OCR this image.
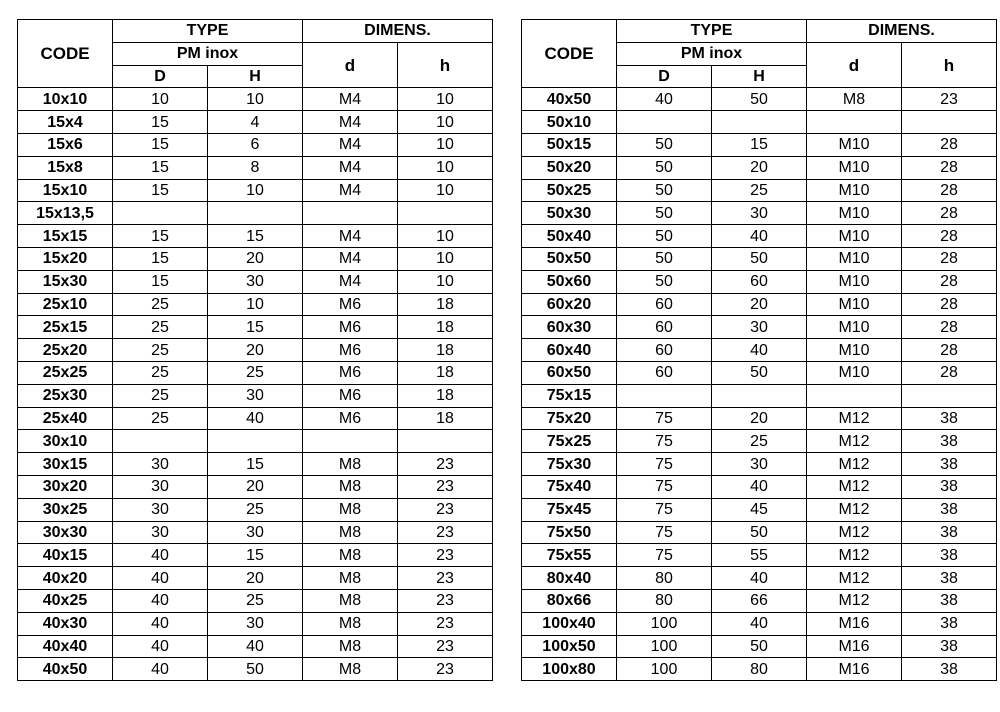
CODE	TYPE		DIMENS.	
	PM inox		d	h
	D	H		
10x10	10	10	M4	10
15x4	15	4	M4	10
15x6	15	6	M4	10
15x8	15	8	M4	10
15x10	15	10	M4	10
15x13,5				
15x15	15	15	M4	10
15x20	15	20	M4	10
15x30	15	30	M4	10
25x10	25	10	M6	18
25x15	25	15	M6	18
25x20	25	20	M6	18
25x25	25	25	M6	18
25x30	25	30	M6	18
25x40	25	40	M6	18
30x10				
30x15	30	15	M8	23
30x20	30	20	M8	23
30x25	30	25	M8	23
30x30	30	30	M8	23
40x15	40	15	M8	23
40x20	40	20	M8	23
40x25	40	25	M8	23
40x30	40	30	M8	23
40x40	40	40	M8	23
40x50	40	50	M8	23
CODE	TYPE		DIMENS.	
	PM inox		d	h
	D	H		
40x50	40	50	M8	23
50x10				
50x15	50	15	M10	28
50x20	50	20	M10	28
50x25	50	25	M10	28
50x30	50	30	M10	28
50x40	50	40	M10	28
50x50	50	50	M10	28
50x60	50	60	M10	28
60x20	60	20	M10	28
60x30	60	30	M10	28
60x40	60	40	M10	28
60x50	60	50	M10	28
75x15				
75x20	75	20	M12	38
75x25	75	25	M12	38
75x30	75	30	M12	38
75x40	75	40	M12	38
75x45	75	45	M12	38
75x50	75	50	M12	38
75x55	75	55	M12	38
80x40	80	40	M12	38
80x66	80	66	M12	38
100x40	100	40	M16	38
100x50	100	50	M16	38
100x80	100	80	M16	38
